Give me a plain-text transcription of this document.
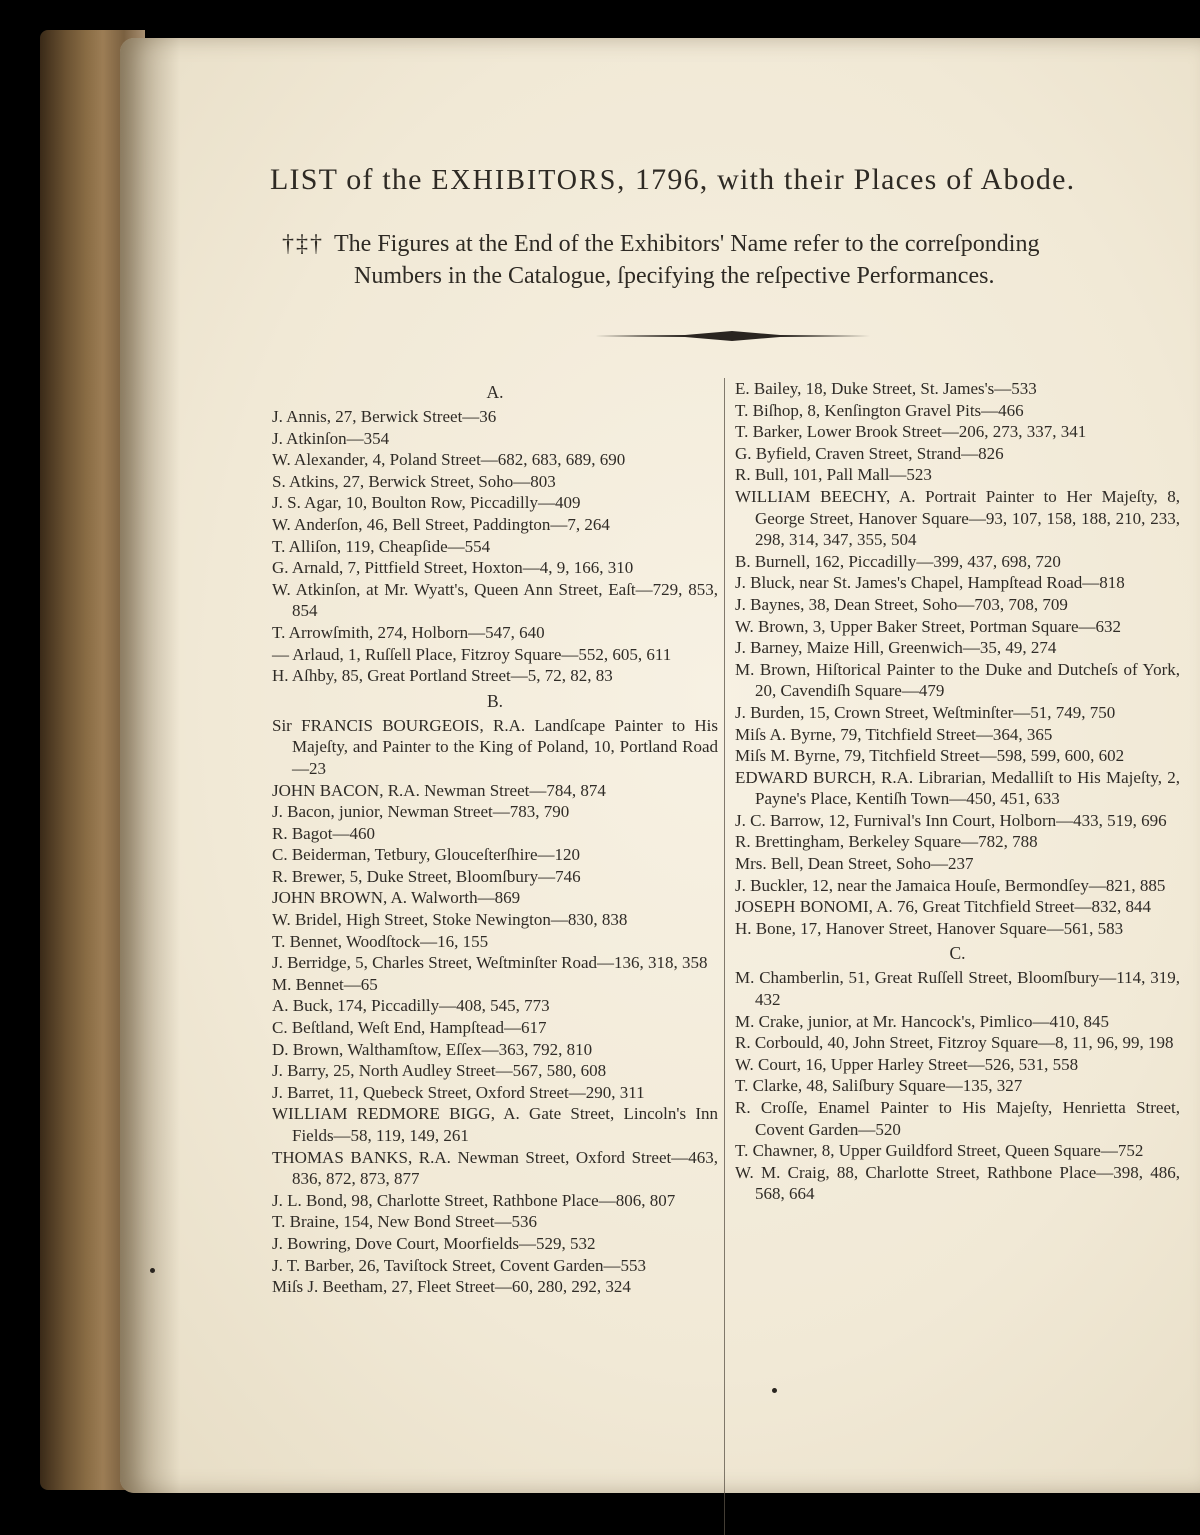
LIST of the EXHIBITORS, 1796, with their Places of Abode.
†‡† The Figures at the End of the Exhibitors' Name refer to the correſponding
Numbers in the Catalogue, ſpecifying the reſpective Performances.
A.
J. Annis, 27, Berwick Street—36
J. Atkinſon—354
W. Alexander, 4, Poland Street—682, 683, 689, 690
S. Atkins, 27, Berwick Street, Soho—803
J. S. Agar, 10, Boulton Row, Piccadilly—409
W. Anderſon, 46, Bell Street, Paddington—7, 264
T. Alliſon, 119, Cheapſide—554
G. Arnald, 7, Pittfield Street, Hoxton—4, 9, 166, 310
W. Atkinſon, at Mr. Wyatt's, Queen Ann Street, Eaſt—729, 853, 854
T. Arrowſmith, 274, Holborn—547, 640
— Arlaud, 1, Ruſſell Place, Fitzroy Square—552, 605, 611
H. Aſhby, 85, Great Portland Street—5, 72, 82, 83
B.
Sir FRANCIS BOURGEOIS, R.A. Landſcape Painter to His Majeſty, and Painter to the King of Poland, 10, Portland Road—23
JOHN BACON, R.A. Newman Street—784, 874
J. Bacon, junior, Newman Street—783, 790
R. Bagot—460
C. Beiderman, Tetbury, Glouceſterſhire—120
R. Brewer, 5, Duke Street, Bloomſbury—746
JOHN BROWN, A. Walworth—869
W. Bridel, High Street, Stoke Newington—830, 838
T. Bennet, Woodſtock—16, 155
J. Berridge, 5, Charles Street, Weſtminſter Road—136, 318, 358
M. Bennet—65
A. Buck, 174, Piccadilly—408, 545, 773
C. Beſtland, Weſt End, Hampſtead—617
D. Brown, Walthamſtow, Eſſex—363, 792, 810
J. Barry, 25, North Audley Street—567, 580, 608
J. Barret, 11, Quebeck Street, Oxford Street—290, 311
WILLIAM REDMORE BIGG, A. Gate Street, Lincoln's Inn Fields—58, 119, 149, 261
THOMAS BANKS, R.A. Newman Street, Oxford Street—463, 836, 872, 873, 877
J. L. Bond, 98, Charlotte Street, Rathbone Place—806, 807
T. Braine, 154, New Bond Street—536
J. Bowring, Dove Court, Moorfields—529, 532
J. T. Barber, 26, Taviſtock Street, Covent Garden—553
Miſs J. Beetham, 27, Fleet Street—60, 280, 292, 324
E. Bailey, 18, Duke Street, St. James's—533
T. Biſhop, 8, Kenſington Gravel Pits—466
T. Barker, Lower Brook Street—206, 273, 337, 341
G. Byfield, Craven Street, Strand—826
R. Bull, 101, Pall Mall—523
WILLIAM BEECHY, A. Portrait Painter to Her Majeſty, 8, George Street, Hanover Square—93, 107, 158, 188, 210, 233, 298, 314, 347, 355, 504
B. Burnell, 162, Piccadilly—399, 437, 698, 720
J. Bluck, near St. James's Chapel, Hampſtead Road—818
J. Baynes, 38, Dean Street, Soho—703, 708, 709
W. Brown, 3, Upper Baker Street, Portman Square—632
J. Barney, Maize Hill, Greenwich—35, 49, 274
M. Brown, Hiſtorical Painter to the Duke and Dutcheſs of York, 20, Cavendiſh Square—479
J. Burden, 15, Crown Street, Weſtminſter—51, 749, 750
Miſs A. Byrne, 79, Titchfield Street—364, 365
Miſs M. Byrne, 79, Titchfield Street—598, 599, 600, 602
EDWARD BURCH, R.A. Librarian, Medalliſt to His Majeſty, 2, Payne's Place, Kentiſh Town—450, 451, 633
J. C. Barrow, 12, Furnival's Inn Court, Holborn—433, 519, 696
R. Brettingham, Berkeley Square—782, 788
Mrs. Bell, Dean Street, Soho—237
J. Buckler, 12, near the Jamaica Houſe, Bermondſey—821, 885
JOSEPH BONOMI, A. 76, Great Titchfield Street—832, 844
H. Bone, 17, Hanover Street, Hanover Square—561, 583
C.
M. Chamberlin, 51, Great Ruſſell Street, Bloomſbury—114, 319, 432
M. Crake, junior, at Mr. Hancock's, Pimlico—410, 845
R. Corbould, 40, John Street, Fitzroy Square—8, 11, 96, 99, 198
W. Court, 16, Upper Harley Street—526, 531, 558
T. Clarke, 48, Saliſbury Square—135, 327
R. Croſſe, Enamel Painter to His Majeſty, Henrietta Street, Covent Garden—520
T. Chawner, 8, Upper Guildford Street, Queen Square—752
W. M. Craig, 88, Charlotte Street, Rathbone Place—398, 486, 568, 664
